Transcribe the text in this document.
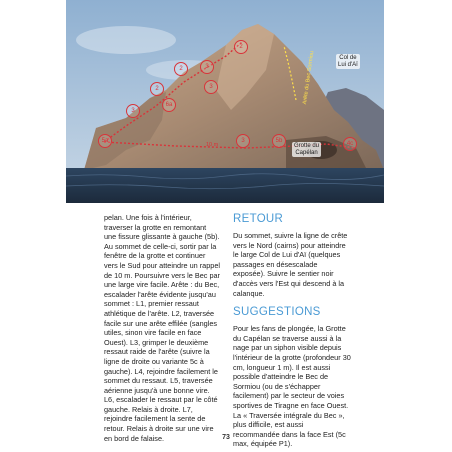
2
2	3
3
6a
3
2
3	5b	4c
5a
Col de
Lui d'Aï
Grotte du
Capélan
Arête du Bec Sormiou
10 m

pelan. Une fois à l'intérieur, traverser la grotte en remontant une fissure glissante à gauche (5b). Au sommet de celle-ci, sortir par la fenêtre de la grotte et continuer vers le Sud pour atteindre un rappel de 10 m. Poursuivre vers le Bec par une large vire facile. Arête : du Bec, escalader l'arête évidente jusqu'au sommet : L1, premier ressaut athlétique de l'arête. L2, traversée facile sur une arête effilée (sangles utiles, sinon vire facile en face Ouest). L3, grimper le deuxième ressaut raide de l'arête (suivre la ligne de droite ou variante 5c à gauche). L4, rejoindre facilement le sommet du ressaut. L5, traversée aérienne jusqu'à une bonne vire. L6, escalader le ressaut par le côté gauche. Relais à droite. L7, rejoindre facilement la sente de retour. Relais à droite sur une vire en bord de falaise.

RETOUR

Du sommet, suivre la ligne de crête vers le Nord (cairns) pour atteindre le large Col de Lui d'Aï (quelques passages en désescalade exposée). Suivre le sentier noir d'accès vers l'Est qui descend à la calanque.

SUGGESTIONS

Pour les fans de plongée, la Grotte du Capélan se traverse aussi à la nage par un siphon visible depuis l'intérieur de la grotte (profondeur 30 cm, longueur 1 m). Il est aussi possible d'atteindre le Bec de Sormiou (ou de s'échapper facilement) par le secteur de voies sportives de Tiragne en face Ouest. La « Traversée intégrale du Bec », plus difficile, est aussi recommandée dans la face Est (5c max, équipée P1).

73
